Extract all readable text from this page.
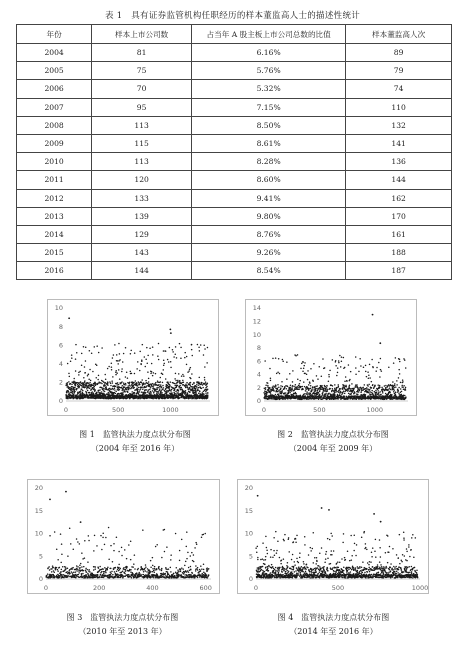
表 1　具有证券监管机构任职经历的样本董监高人士的描述性统计
年份	样本上市公司数	占当年 A 股主板上市公司总数的比值	样本董监高人次
2004	81	6.16%	89
2005	75	5.76%	79
2006	70	5.32%	74
2007	95	7.15%	110
2008	113	8.50%	132
2009	115	8.61%	141
2010	113	8.28%	136
2011	120	8.60%	144
2012	133	9.41%	162
2013	139	9.80%	170
2014	129	8.76%	161
2015	143	9.26%	188
2016	144	8.54%	187
0
2
4
6
8
10
0	500	1000
图 1　监管执法力度点状分布图
（2004 年至 2016 年）
0
2
4
6
8
10
12
14
0	500	1000
图 2　监管执法力度点状分布图
（2004 年至 2009 年）
0
5
10
15
20
0	200	400	600
图 3　监管执法力度点状分布图
（2010 年至 2013 年）
0
5
10
15
20
0	500	1000
图 4　监管执法力度点状分布图
（2014 年至 2016 年）
